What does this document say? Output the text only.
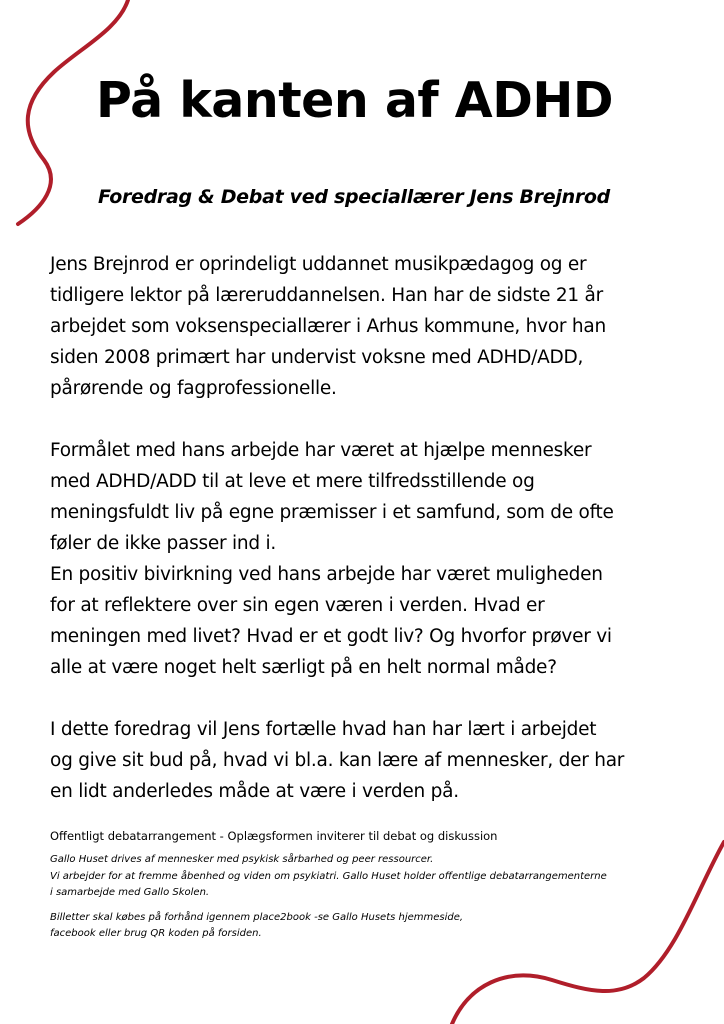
På kanten af ADHD
Foredrag & Debat ved speciallærer Jens Brejnrod
Jens Brejnrod er oprindeligt uddannet musikpædagog og er
tidligere lektor på læreruddannelsen. Han har de sidste 21 år
arbejdet som voksenspeciallærer i Arhus kommune, hvor han
siden 2008 primært har undervist voksne med ADHD/ADD,
pårørende og fagprofessionelle.
Formålet med hans arbejde har været at hjælpe mennesker
med ADHD/ADD til at leve et mere tilfredsstillende og
meningsfuldt liv på egne præmisser i et samfund, som de ofte
føler de ikke passer ind i.
En positiv bivirkning ved hans arbejde har været muligheden
for at reflektere over sin egen væren i verden. Hvad er
meningen med livet? Hvad er et godt liv? Og hvorfor prøver vi
alle at være noget helt særligt på en helt normal måde?
I dette foredrag vil Jens fortælle hvad han har lært i arbejdet
og give sit bud på, hvad vi bl.a. kan lære af mennesker, der har
en lidt anderledes måde at være i verden på.
Offentligt debatarrangement - Oplægsformen inviterer til debat og diskussion
Gallo Huset drives af mennesker med psykisk sårbarhed og peer ressourcer.
Vi arbejder for at fremme åbenhed og viden om psykiatri. Gallo Huset holder offentlige debatarrangementerne
i samarbejde med Gallo Skolen.
Billetter skal købes på forhånd igennem place2book -se Gallo Husets hjemmeside,
facebook eller brug QR koden på forsiden.
